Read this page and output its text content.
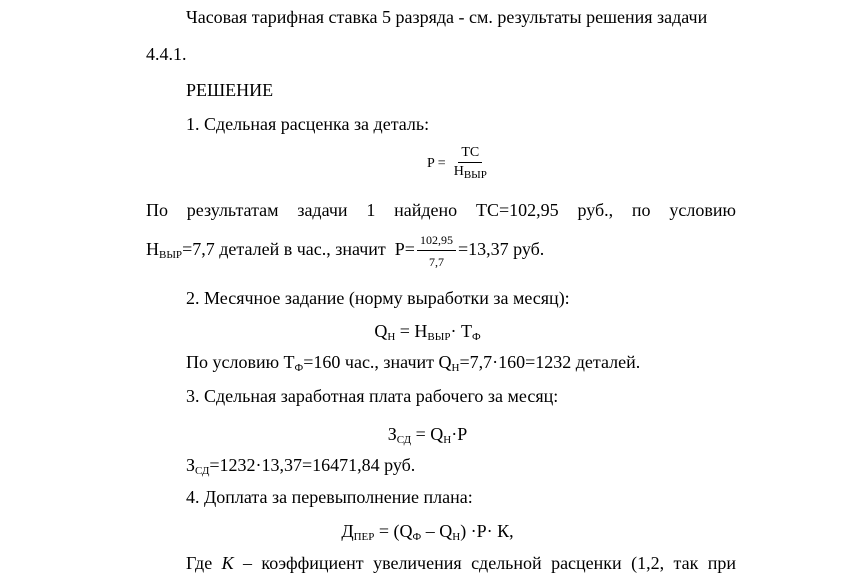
Часовая тарифная ставка 5 разряда - см. результаты решения задачи
4.4.1.
РЕШЕНИЕ
1. Сдельная расценка за деталь:
$Р = \frac{ТС}{Н_{ВЫР}}$
По результатам задачи 1 найдено ТС=102,95 руб., по условию
$Н_{ВЫР}=7,7$ деталей в час., значит $Р= \frac{102,95}{7,7} =13,37$ руб.
2. Месячное задание (норму выработки за месяц):
$Q_Н = Н_{ВЫР}\cdot Т_Ф$
По условию $Т_Ф=160$ час., значит $Q_Н=7,7\cdot 160=1232$ деталей.
3. Сдельная заработная плата рабочего за месяц:
$З_{СД} = Q_Н\cdot Р$
$З_{СД}=1232\cdot 13,37=16471,84$ руб.
4. Доплата за перевыполнение плана:
$Д_{ПЕР} = (Q_Ф - Q_Н) \cdot Р\cdot К$,
Где К – коэффициент увеличения сдельной расценки (1,2, так при
